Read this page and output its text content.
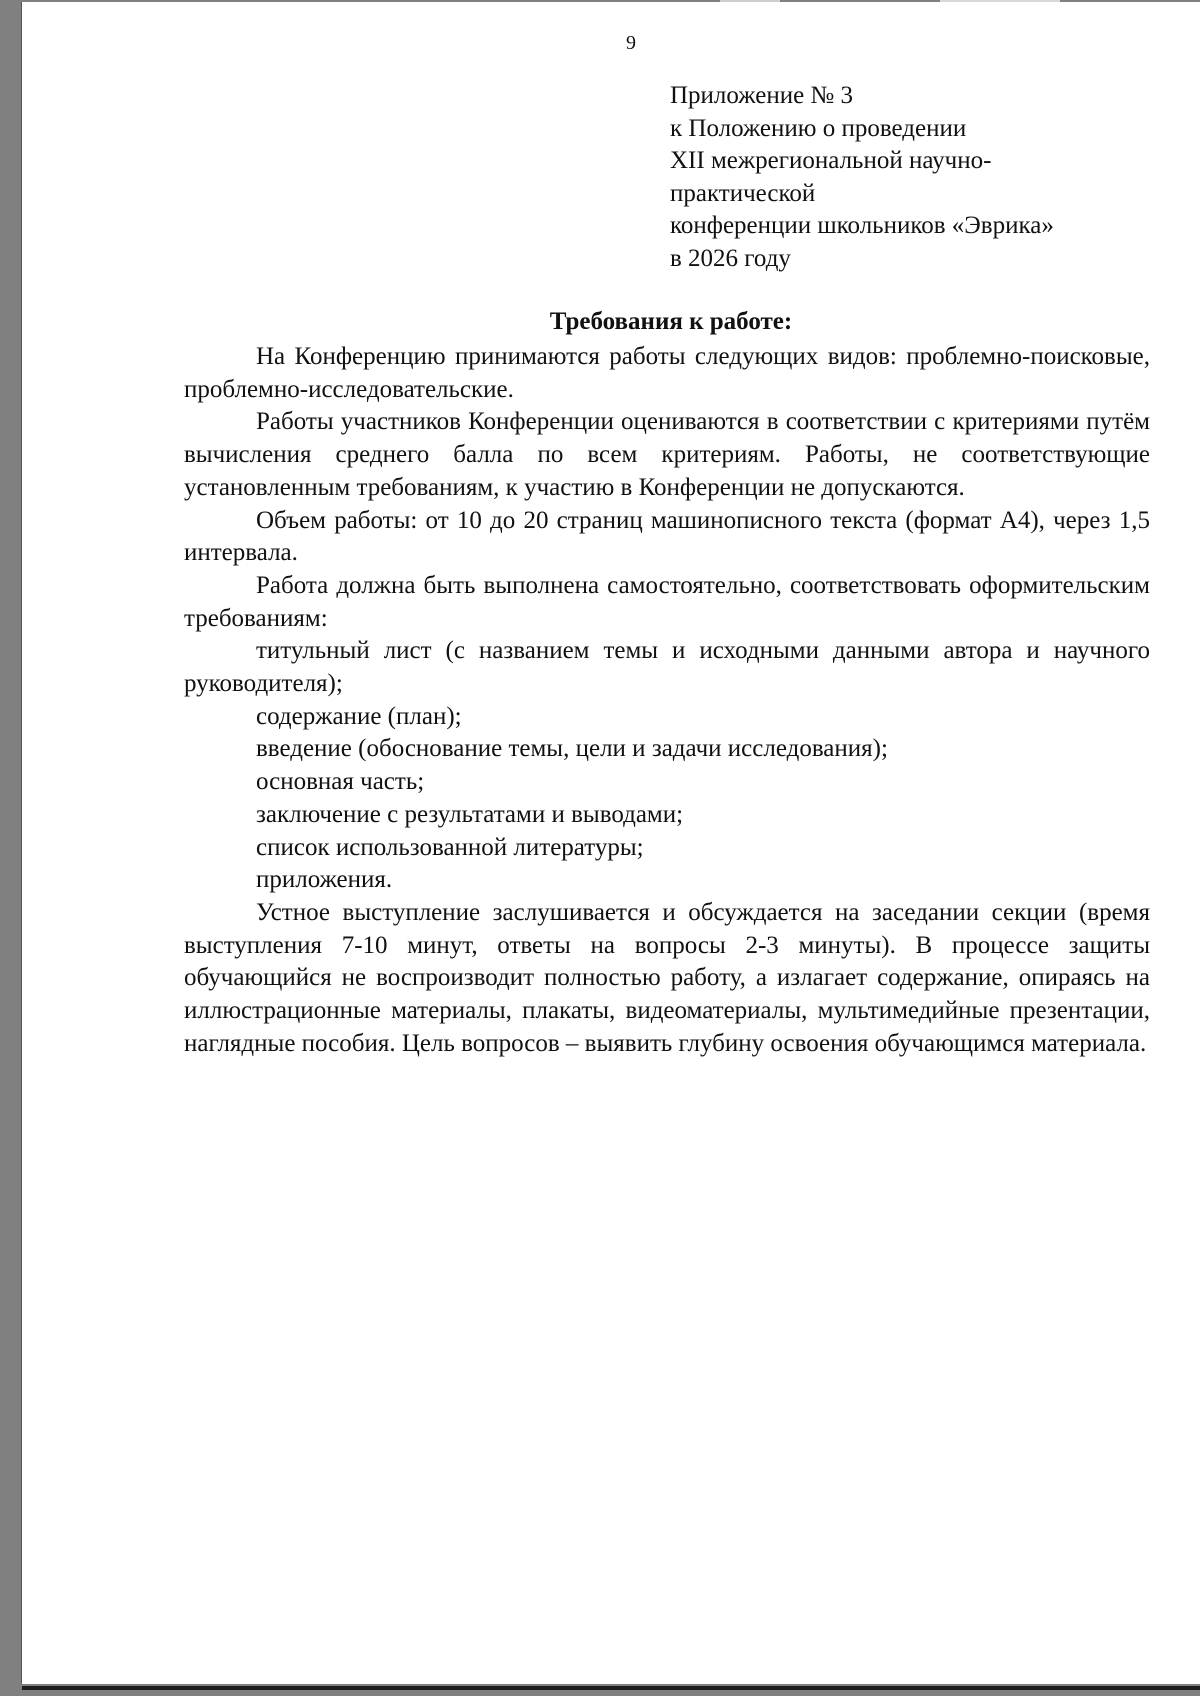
9
Приложение № 3
к Положению о проведении
XII межрегиональной научно-
практической
конференции школьников «Эврика»
в 2026 году
Требования к работе:

На Конференцию принимаются работы следующих видов: проблемно-поисковые, проблемно-исследовательские.

Работы участников Конференции оцениваются в соответствии с критериями путём вычисления среднего балла по всем критериям. Работы, не соответствующие установленным требованиям, к участию в Конференции не допускаются.

Объем работы: от 10 до 20 страниц машинописного текста (формат А4), через 1,5 интервала.

Работа должна быть выполнена самостоятельно, соответствовать оформительским требованиям:

титульный лист (с названием темы и исходными данными автора и научного руководителя);

содержание (план);

введение (обоснование темы, цели и задачи исследования);

основная часть;

заключение с результатами и выводами;

список использованной литературы;

приложения.

Устное выступление заслушивается и обсуждается на заседании секции (время выступления 7-10 минут, ответы на вопросы 2-3 минуты). В процессе защиты обучающийся не воспроизводит полностью работу, а излагает содержание, опираясь на иллюстрационные материалы, плакаты, видеоматериалы, мультимедийные презентации, наглядные пособия. Цель вопросов – выявить глубину освоения обучающимся материала.
